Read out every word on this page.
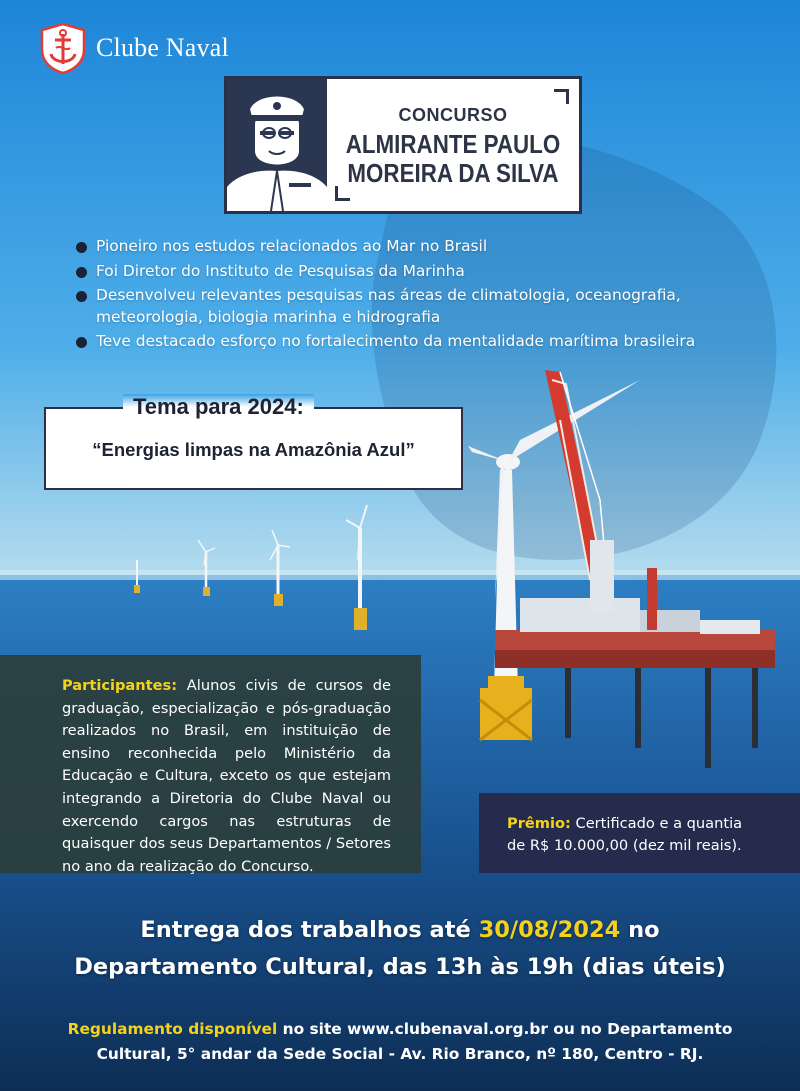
Clube Naval
CONCURSO
ALMIRANTE PAULO
MOREIRA DA SILVA
Pioneiro nos estudos relacionados ao Mar no Brasil
Foi Diretor do Instituto de Pesquisas da Marinha
Desenvolveu relevantes pesquisas nas áreas de climatologia, oceanografia, meteorologia, biologia marinha e hidrografia
Teve destacado esforço no fortalecimento da mentalidade marítima brasileira
Tema para 2024:
“Energias limpas na Amazônia Azul”

Participantes: Alunos civis de cursos de graduação, especialização e pós-graduação realizados no Brasil, em instituição de ensino reconhecida pelo Ministério da Educação e Cultura, exceto os que estejam integrando a Diretoria do Clube Naval ou exercendo cargos nas estruturas de quaisquer dos seus Departamentos / Setores no ano da realização do Concurso.

Prêmio: Certificado e a quantia
de R$ 10.000,00 (dez mil reais).
Entrega dos trabalhos até 30/08/2024 no
Departamento Cultural, das 13h às 19h (dias úteis)
Regulamento disponível no site www.clubenaval.org.br ou no Departamento
Cultural, 5° andar da Sede Social - Av. Rio Branco, nº 180, Centro - RJ.
